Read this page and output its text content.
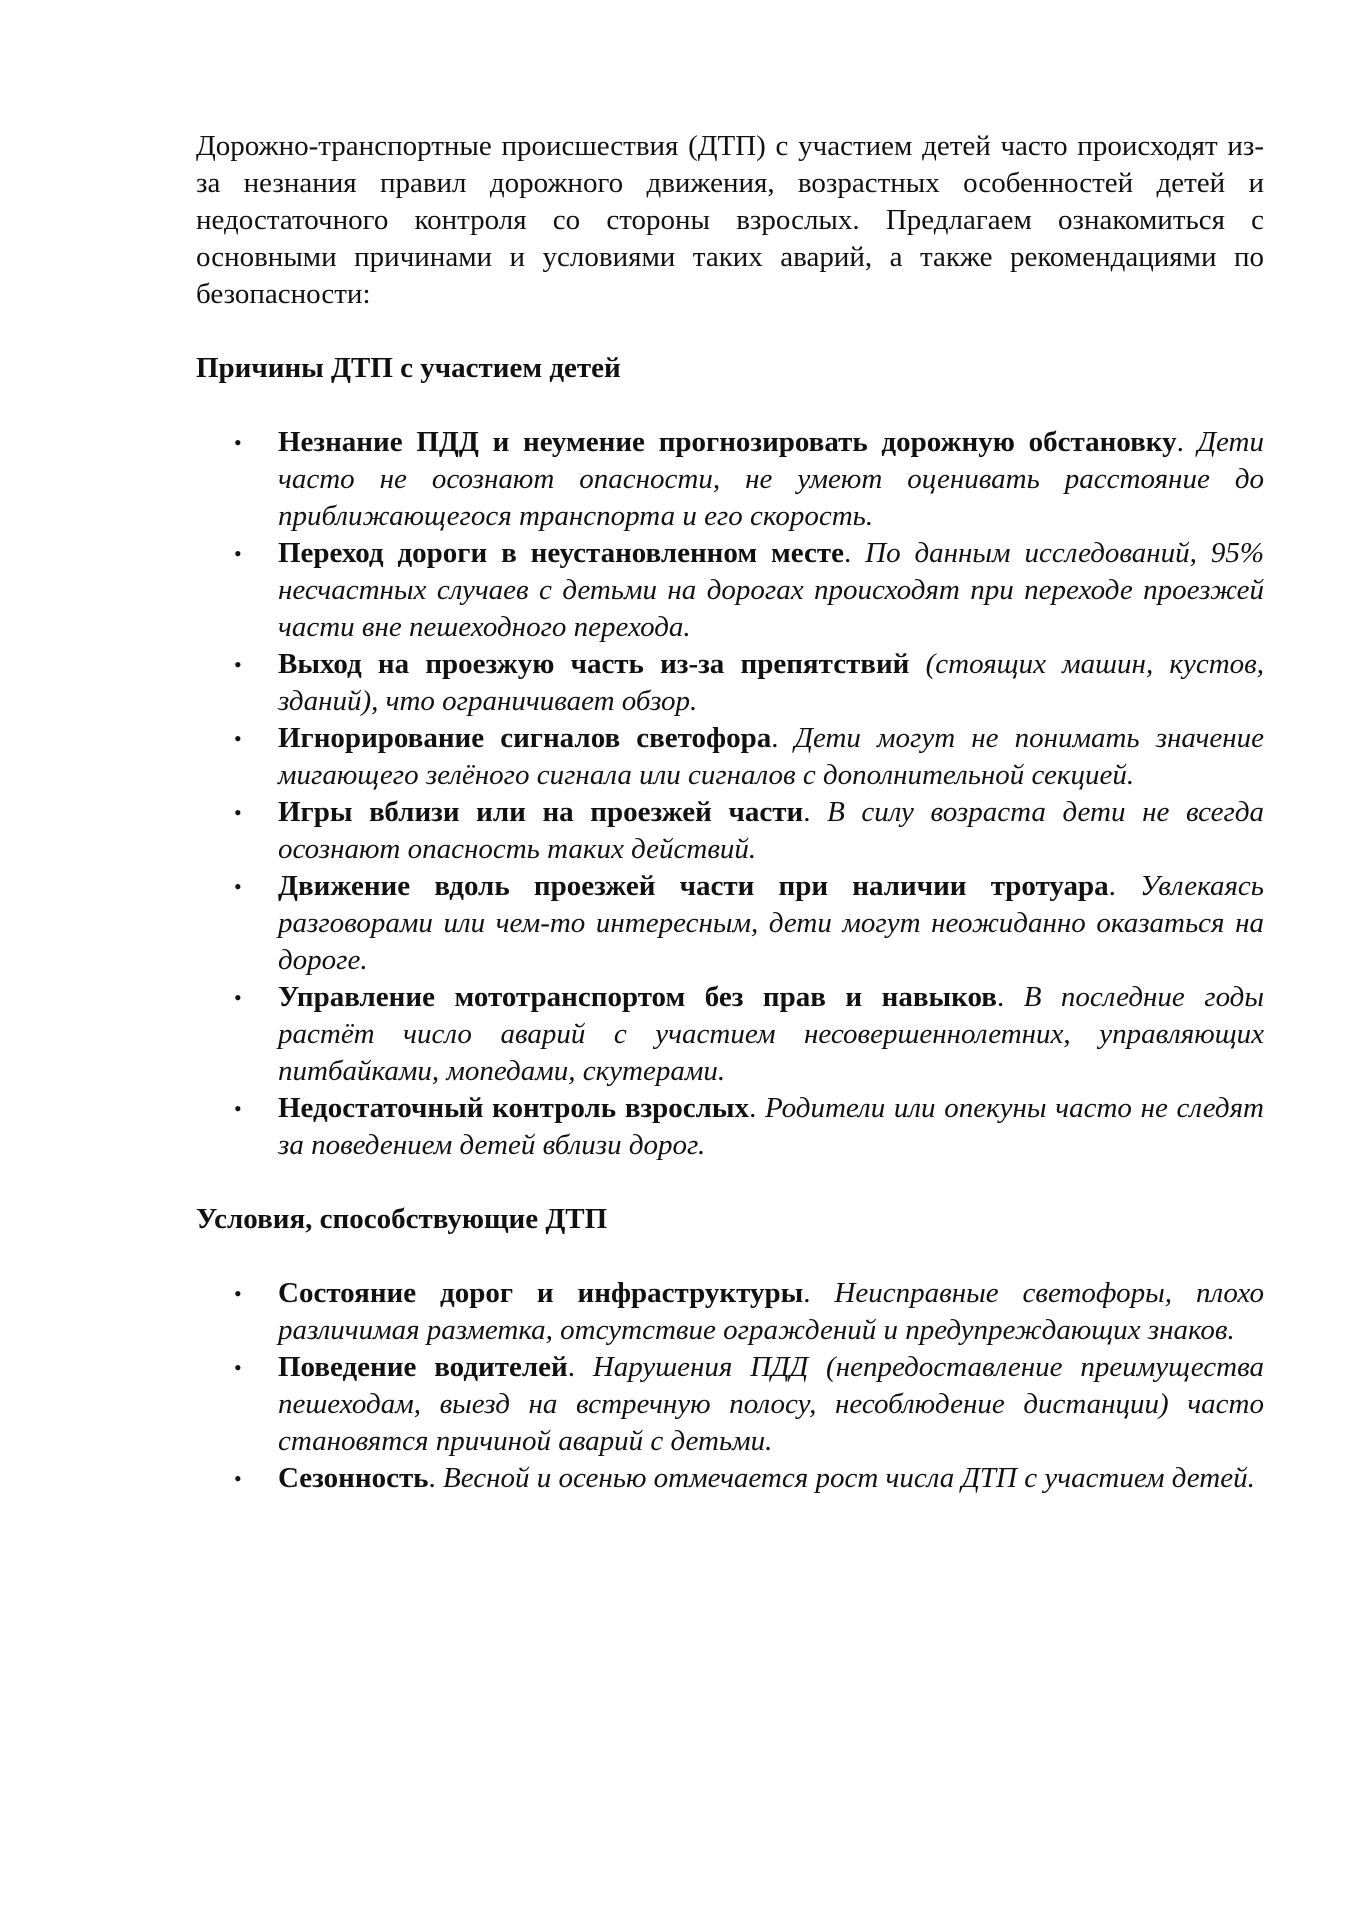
Дорожно-транспортные происшествия (ДТП) с участием детей часто происходят из-за незнания правил дорожного движения, возрастных особенностей детей и недостаточного контроля со стороны взрослых. Предлагаем ознакомиться с основными причинами и условиями таких аварий, а также рекомендациями по безопасности:

Причины ДТП с участием детей
• Незнание ПДД и неумение прогнозировать дорожную обстановку. Дети часто не осознают опасности, не умеют оценивать расстояние до приближающегося транспорта и его скорость.
• Переход дороги в неустановленном месте. По данным исследований, 95% несчастных случаев с детьми на дорогах происходят при переходе проезжей части вне пешеходного перехода.
• Выход на проезжую часть из-за препятствий (стоящих машин, кустов, зданий), что ограничивает обзор.
• Игнорирование сигналов светофора. Дети могут не понимать значение мигающего зелёного сигнала или сигналов с дополнительной секцией.
• Игры вблизи или на проезжей части. В силу возраста дети не всегда осознают опасность таких действий.
• Движение вдоль проезжей части при наличии тротуара. Увлекаясь разговорами или чем-то интересным, дети могут неожиданно оказаться на дороге.
• Управление мототранспортом без прав и навыков. В последние годы растёт число аварий с участием несовершеннолетних, управляющих питбайками, мопедами, скутерами.
• Недостаточный контроль взрослых. Родители или опекуны часто не следят за поведением детей вблизи дорог.
Условия, способствующие ДТП
• Состояние дорог и инфраструктуры. Неисправные светофоры, плохо различимая разметка, отсутствие ограждений и предупреждающих знаков.
• Поведение водителей. Нарушения ПДД (непредоставление преимущества пешеходам, выезд на встречную полосу, несоблюдение дистанции) часто становятся причиной аварий с детьми.
• Сезонность. Весной и осенью отмечается рост числа ДТП с участием детей.
